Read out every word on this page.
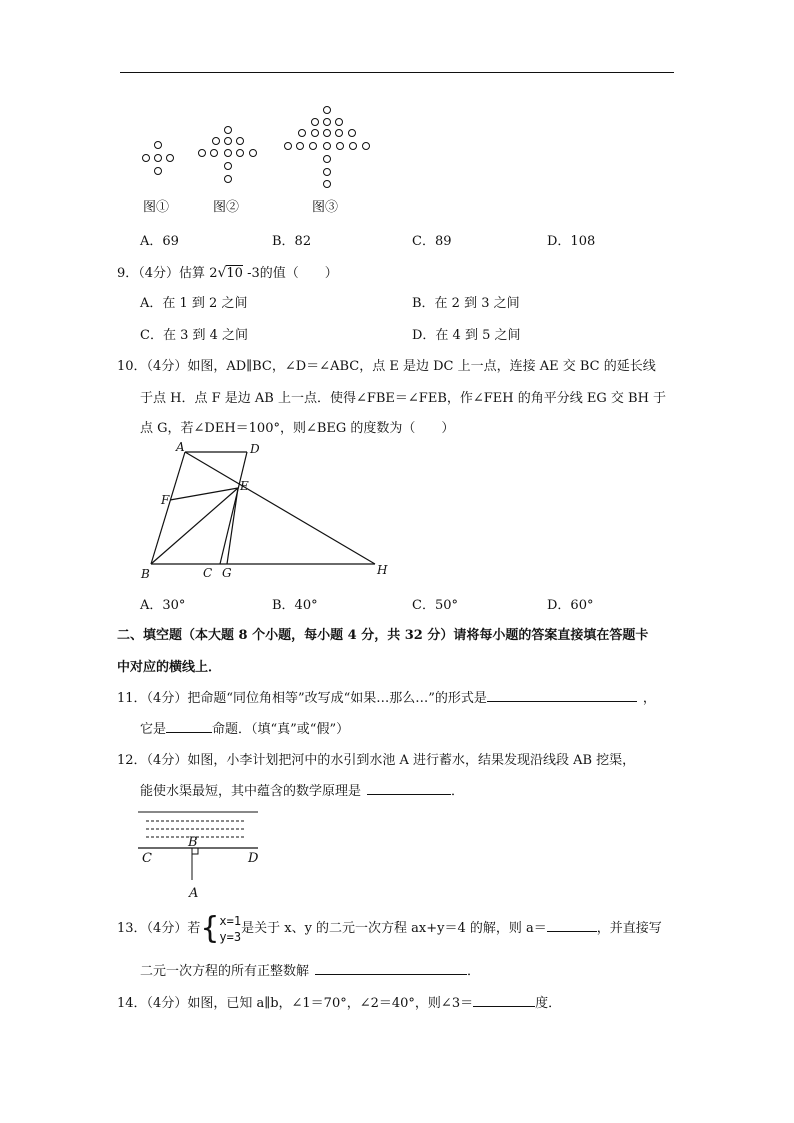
图①	图②	图③
A．69	B．82	C．89	D．108
9．（4分）估算 2√10 -3的值（　　）
A．在 1 到 2 之间	B．在 2 到 3 之间
C．在 3 到 4 之间	D．在 4 到 5 之间
10．（4分）如图，AD∥BC，∠D＝∠ABC，点 E 是边 DC 上一点，连接 AE 交 BC 的延长线
于点 H．点 F 是边 AB 上一点．使得∠FBE＝∠FEB，作∠FEH 的角平分线 EG 交 BH 于
点 G，若∠DEH＝100°，则∠BEG 的度数为（　　）
A	D
F
E
B	C G	H
A．30°	B．40°	C．50°	D．60°
二、填空题（本大题 8 个小题，每小题 4 分，共 32 分）请将每小题的答案直接填在答题卡
中对应的横线上．
11．（4分）把命题“同位角相等”改写成“如果…那么…”的形式是	，
它是	命题．（填“真”或“假”）
12．（4分）如图，小李计划把河中的水引到水池 A 进行蓄水，结果发现沿线段 AB 挖渠，
能使水渠最短，其中蕴含的数学原理是	．
B
C	D
A
13．（4分）若{x=1
y=3是关于 x、y 的二元一次方程 ax+y＝4 的解，则 a＝	，并直接写
二元一次方程的所有正整数解	．
14．（4分）如图，已知 a∥b，∠1＝70°，∠2＝40°，则∠3＝	度．
